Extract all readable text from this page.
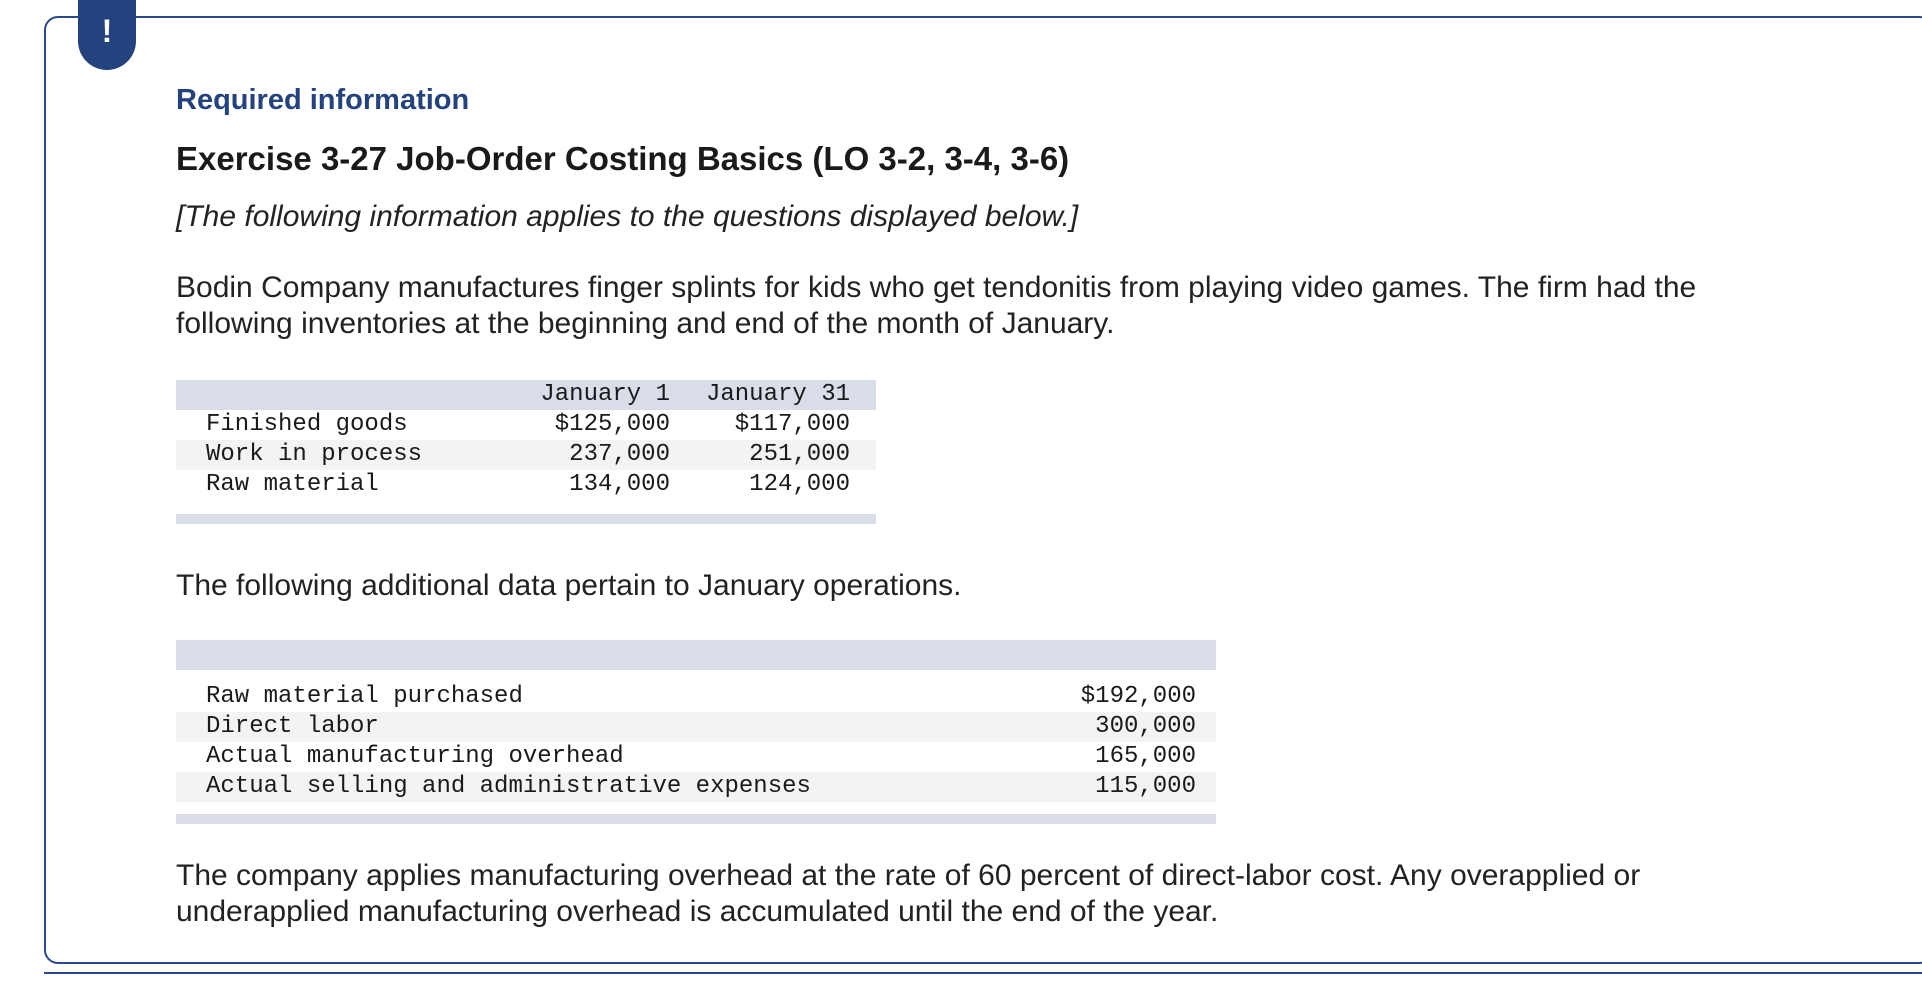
!
Required information
Exercise 3-27 Job-Order Costing Basics (LO 3-2, 3-4, 3-6)
[The following information applies to the questions displayed below.]
Bodin Company manufactures finger splints for kids who get tendonitis from playing video games. The firm had the
following inventories at the beginning and end of the month of January.
January 1 January 31
Finished goods	$125,000	$117,000
Work in process	237,000	251,000
Raw material	134,000	124,000
The following additional data pertain to January operations.
Raw material purchased	$192,000
Direct labor	300,000
Actual manufacturing overhead	165,000
Actual selling and administrative expenses	115,000
The company applies manufacturing overhead at the rate of 60 percent of direct-labor cost. Any overapplied or
underapplied manufacturing overhead is accumulated until the end of the year.
